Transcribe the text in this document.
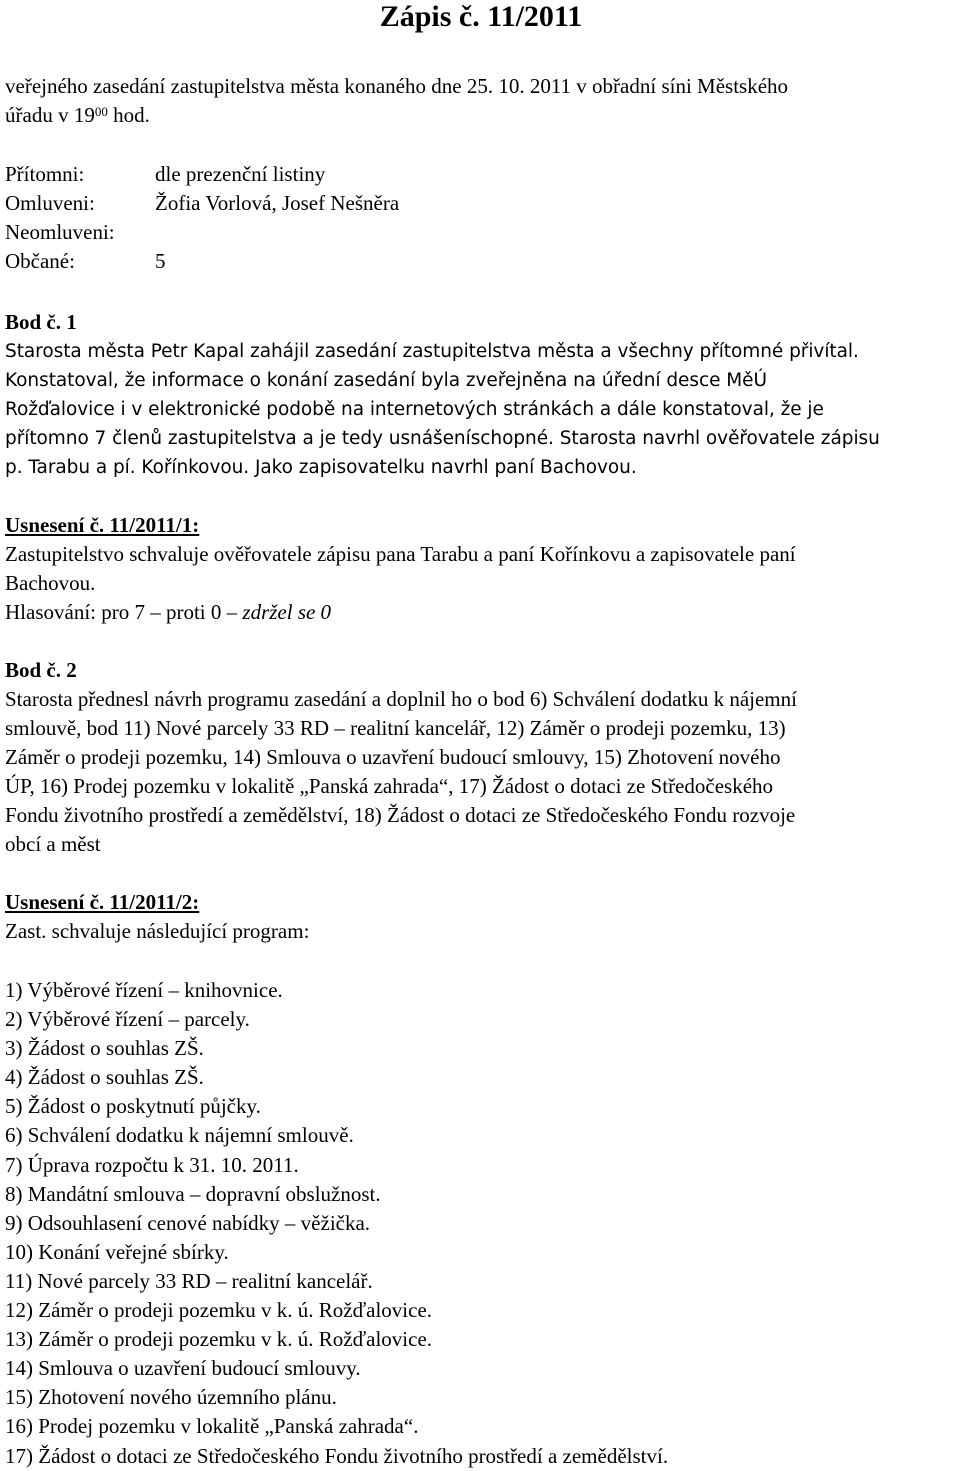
Zápis č. 11/2011
veřejného zasedání zastupitelstva města konaného dne 25. 10. 2011 v obřadní síni Městského
úřadu v $19^{00}$ hod.
Přítomni:	dle prezenční listiny
Omluveni:	Žofia Vorlová, Josef Nešněra
Neomluveni:
Občané:	5
Bod č. 1
Starosta města Petr Kapal zahájil zasedání zastupitelstva města a všechny přítomné přivítal.
Konstatoval, že informace o konání zasedání byla zveřejněna na úřední desce MěÚ
Rožďalovice i v elektronické podobě na internetových stránkách a dále konstatoval, že je
přítomno 7 členů zastupitelstva a je tedy usnášeníschopné. Starosta navrhl ověřovatele zápisu
p. Tarabu a pí. Kořínkovou. Jako zapisovatelku navrhl paní Bachovou.
Usnesení č. 11/2011/1:
Zastupitelstvo schvaluje ověřovatele zápisu pana Tarabu a paní Kořínkovu a zapisovatele paní
Bachovou.
Hlasování: pro 7 – proti 0 – zdržel se 0
Bod č. 2
Starosta přednesl návrh programu zasedání a doplnil ho o bod 6) Schválení dodatku k nájemní
smlouvě, bod 11) Nové parcely 33 RD – realitní kancelář, 12) Záměr o prodeji pozemku, 13)
Záměr o prodeji pozemku, 14) Smlouva o uzavření budoucí smlouvy, 15) Zhotovení nového
ÚP, 16) Prodej pozemku v lokalitě „Panská zahrada“, 17) Žádost o dotaci ze Středočeského
Fondu životního prostředí a zemědělství, 18) Žádost o dotaci ze Středočeského Fondu rozvoje
obcí a měst
Usnesení č. 11/2011/2:
Zast. schvaluje následující program:
1) Výběrové řízení – knihovnice.
2) Výběrové řízení – parcely.
3) Žádost o souhlas ZŠ.
4) Žádost o souhlas ZŠ.
5) Žádost o poskytnutí půjčky.
6) Schválení dodatku k nájemní smlouvě.
7) Úprava rozpočtu k 31. 10. 2011.
8) Mandátní smlouva – dopravní obslužnost.
9) Odsouhlasení cenové nabídky – věžička.
10) Konání veřejné sbírky.
11) Nové parcely 33 RD – realitní kancelář.
12) Záměr o prodeji pozemku v k. ú. Rožďalovice.
13) Záměr o prodeji pozemku v k. ú. Rožďalovice.
14) Smlouva o uzavření budoucí smlouvy.
15) Zhotovení nového územního plánu.
16) Prodej pozemku v lokalitě „Panská zahrada“.
17) Žádost o dotaci ze Středočeského Fondu životního prostředí a zemědělství.
